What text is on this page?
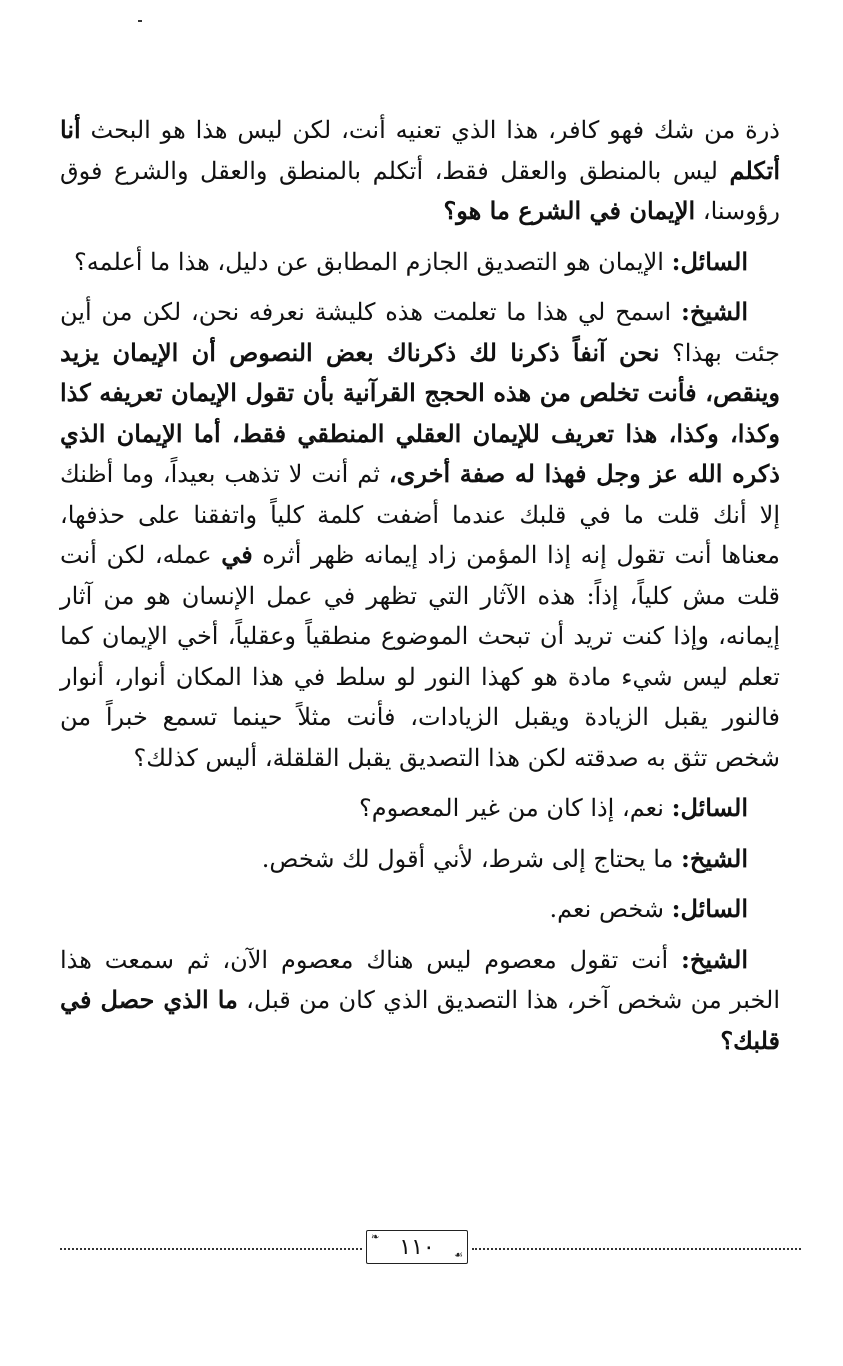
ذرة من شك فهو كافر، هذا الذي تعنيه أنت، لكن ليس هذا هو البحث أنا أتكلم ليس بالمنطق والعقل فقط، أتكلم بالمنطق والعقل والشرع فوق رؤوسنا، الإيمان في الشرع ما هو؟

السائل: الإيمان هو التصديق الجازم المطابق عن دليل، هذا ما أعلمه؟

الشيخ: اسمح لي هذا ما تعلمت هذه كليشة نعرفه نحن، لكن من أين جئت بهذا؟ نحن آنفاً ذكرنا لك ذكرناك بعض النصوص أن الإيمان يزيد وينقص، فأنت تخلص من هذه الحجج القرآنية بأن تقول الإيمان تعريفه كذا وكذا، وكذا، هذا تعريف للإيمان العقلي المنطقي فقط، أما الإيمان الذي ذكره الله عز وجل فهذا له صفة أخرى، ثم أنت لا تذهب بعيداً، وما أظنك إلا أنك قلت ما في قلبك عندما أضفت كلمة كلياً واتفقنا على حذفها، معناها أنت تقول إنه إذا المؤمن زاد إيمانه ظهر أثره في عمله، لكن أنت قلت مش كلياً، إذاً: هذه الآثار التي تظهر في عمل الإنسان هو من آثار إيمانه، وإذا كنت تريد أن تبحث الموضوع منطقياً وعقلياً، أخي الإيمان كما تعلم ليس شيء مادة هو كهذا النور لو سلط في هذا المكان أنوار، أنوار فالنور يقبل الزيادة ويقبل الزيادات، فأنت مثلاً حينما تسمع خبراً من شخص تثق به صدقته لكن هذا التصديق يقبل القلقلة، أليس كذلك؟

السائل: نعم، إذا كان من غير المعصوم؟

الشيخ: ما يحتاج إلى شرط، لأني أقول لك شخص.

السائل: شخص نعم.

الشيخ: أنت تقول معصوم ليس هناك معصوم الآن، ثم سمعت هذا الخبر من شخص آخر، هذا التصديق الذي كان من قبل، ما الذي حصل في قلبك؟

❧ ١١٠	☙
